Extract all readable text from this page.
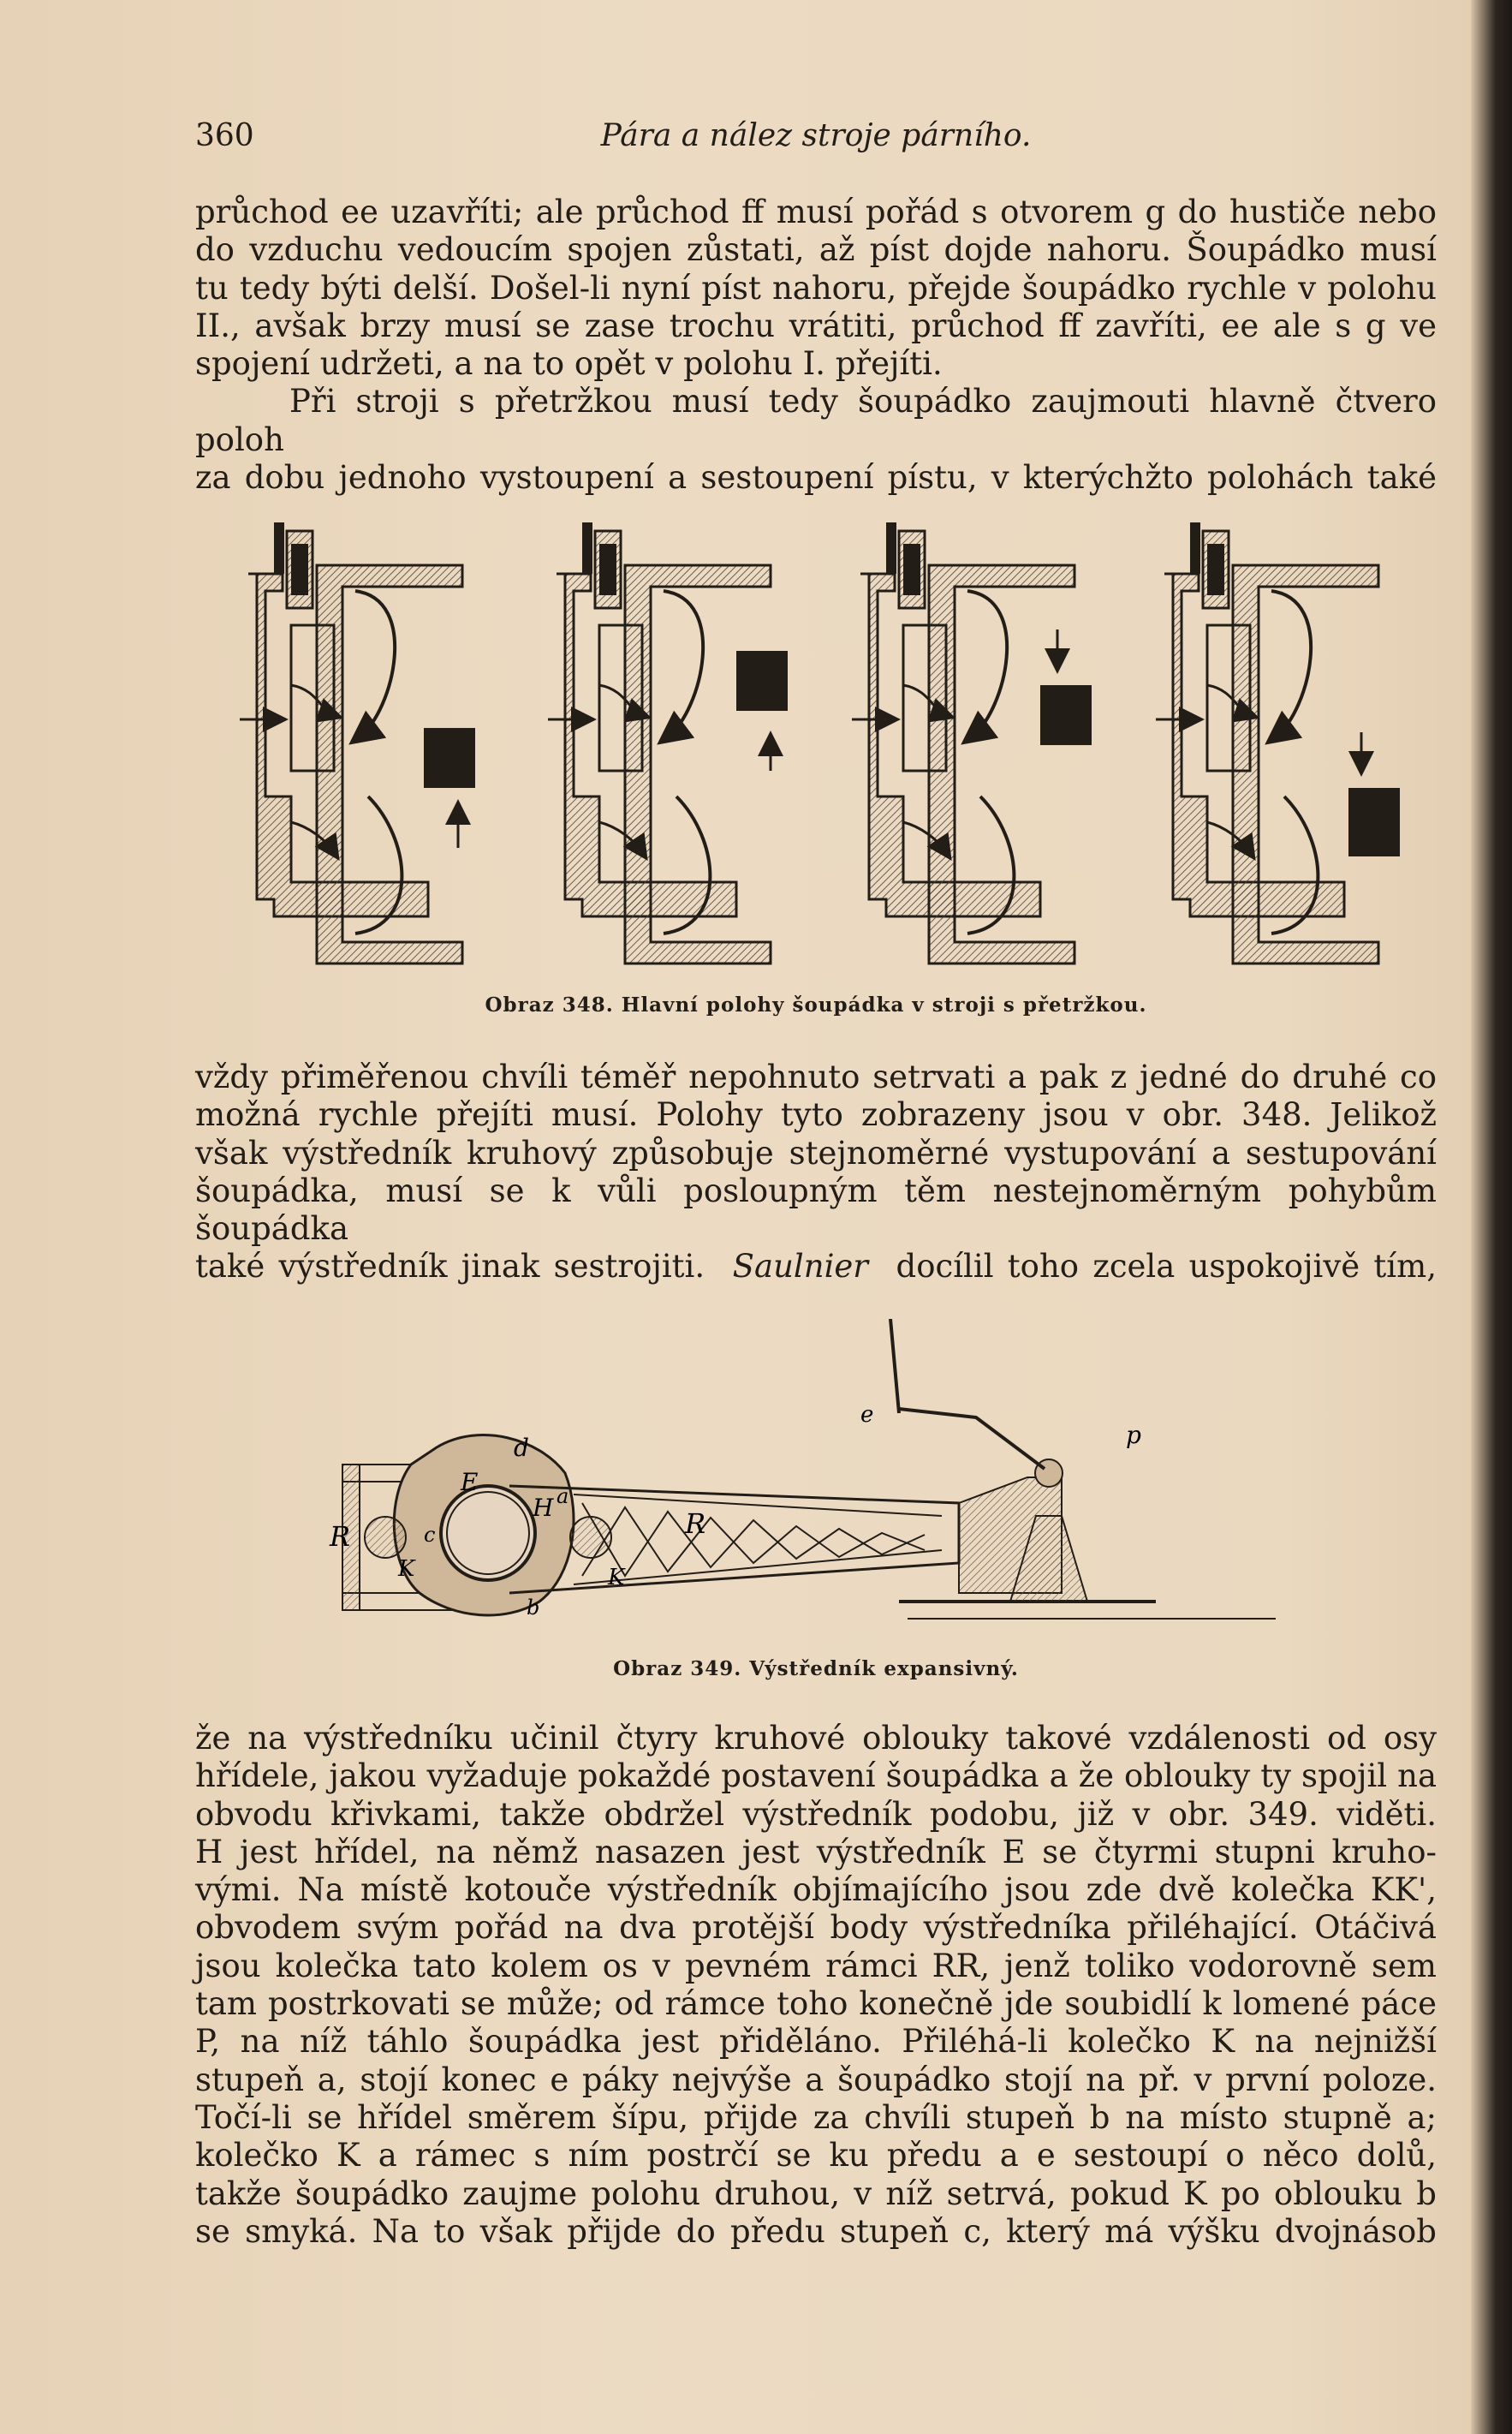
360	Pára a nález stroje párního.

průchod ee uzavříti; ale průchod ff musí pořád s otvorem g do hustiče nebo

do vzduchu vedoucím spojen zůstati, až píst dojde nahoru. Šoupádko musí

tu tedy býti delší. Došel-li nyní píst nahoru, přejde šoupádko rychle v polohu

II., avšak brzy musí se zase trochu vrátiti, průchod ff zavříti, ee ale s g ve

spojení udržeti, a na to opět v polohu I. přejíti.

Při stroji s přetržkou musí tedy šoupádko zaujmouti hlavně čtvero poloh

za dobu jednoho vystoupení a sestoupení pístu, v kterýchžto polohách také

Obraz 348. Hlavní polohy šoupádka v stroji s přetržkou.

vždy přiměřenou chvíli téměř nepohnuto setrvati a pak z jedné do druhé co

možná rychle přejíti musí. Polohy tyto zobrazeny jsou v obr. 348. Jelikož

však výstředník kruhový způsobuje stejnoměrné vystupování a sestupování

šoupádka, musí se k vůli posloupným těm nestejnoměrným pohybům šoupádka

také výstředník jinak sestrojiti. Saulnier docílil toho zcela uspokojivě tím,

R
E
d
H a
c
K	K
b
R
e
p
Obraz 349. Výstředník expansivný.

že na výstředníku učinil čtyry kruhové oblouky takové vzdálenosti od osy

hřídele, jakou vyžaduje pokaždé postavení šoupádka a že oblouky ty spojil na

obvodu křivkami, takže obdržel výstředník podobu, již v obr. 349. viděti.

H jest hřídel, na němž nasazen jest výstředník E se čtyrmi stupni kruho-

vými. Na místě kotouče výstředník objímajícího jsou zde dvě kolečka KK',

obvodem svým pořád na dva protější body výstředníka přiléhající. Otáčivá

jsou kolečka tato kolem os v pevném rámci RR, jenž toliko vodorovně sem

tam postrkovati se může; od rámce toho konečně jde soubidlí k lomené páce

P, na níž táhlo šoupádka jest přiděláno. Přiléhá-li kolečko K na nejnižší

stupeň a, stojí konec e páky nejvýše a šoupádko stojí na př. v první poloze.

Točí-li se hřídel směrem šípu, přijde za chvíli stupeň b na místo stupně a;

kolečko K a rámec s ním postrčí se ku předu a e sestoupí o něco dolů,

takže šoupádko zaujme polohu druhou, v níž setrvá, pokud K po oblouku b

se smyká. Na to však přijde do předu stupeň c, který má výšku dvojnásob
